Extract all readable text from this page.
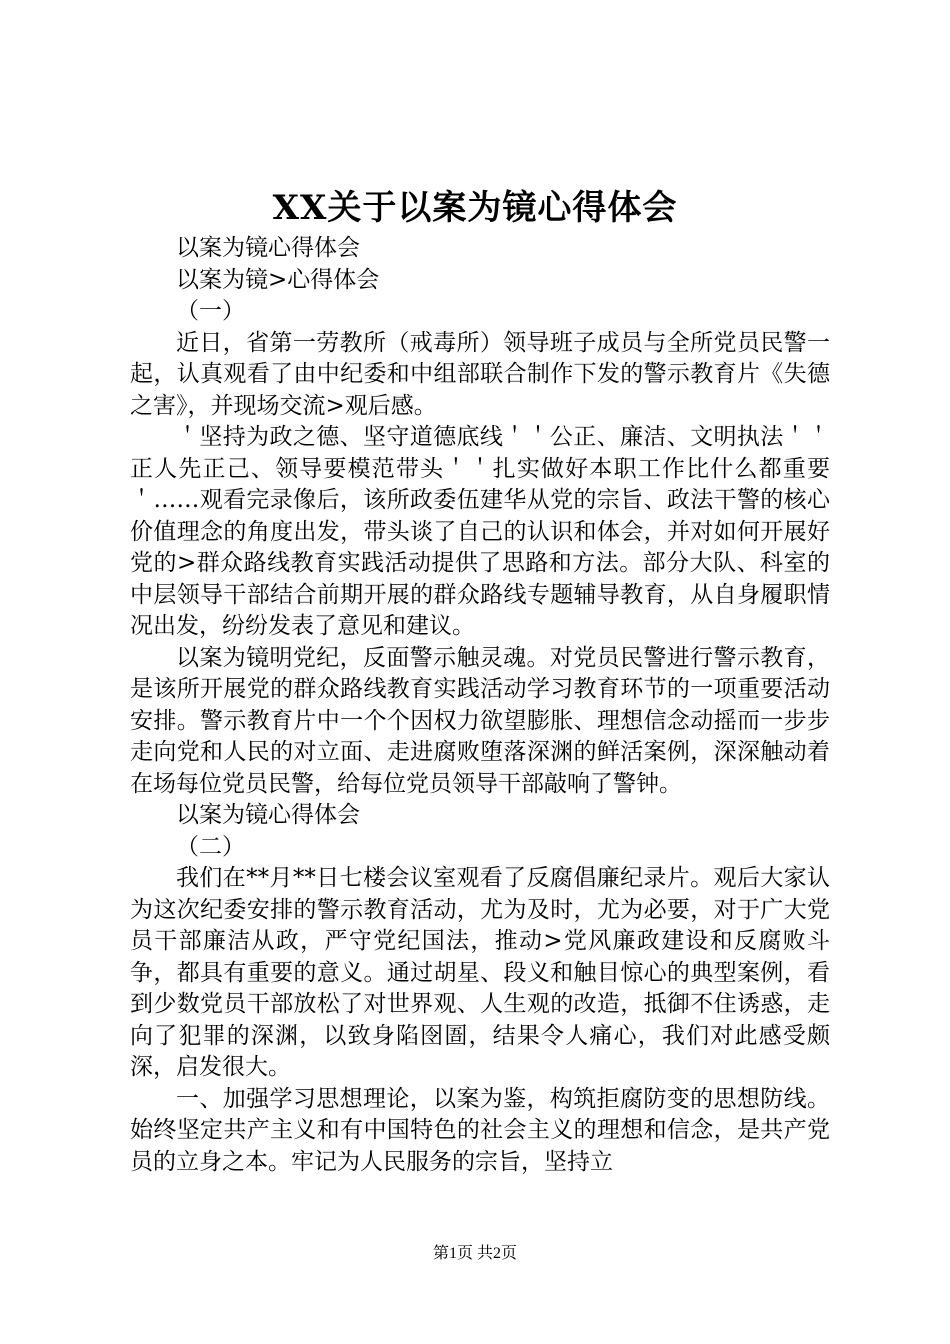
XX关于以案为镜心得体会

以案为镜心得体会

以案为镜>心得体会

（一）

近日，省第一劳教所（戒毒所）领导班子成员与全所党员民警一起，认真观看了由中纪委和中组部联合制作下发的警示教育片《失德之害》，并现场交流>观后感。

＇坚持为政之德、坚守道德底线＇＇公正、廉洁、文明执法＇＇正人先正己、领导要模范带头＇＇扎实做好本职工作比什么都重要＇……观看完录像后，该所政委伍建华从党的宗旨、政法干警的核心价值理念的角度出发，带头谈了自己的认识和体会，并对如何开展好党的>群众路线教育实践活动提供了思路和方法。部分大队、科室的中层领导干部结合前期开展的群众路线专题辅导教育，从自身履职情况出发，纷纷发表了意见和建议。

以案为镜明党纪，反面警示触灵魂。对党员民警进行警示教育，是该所开展党的群众路线教育实践活动学习教育环节的一项重要活动安排。警示教育片中一个个因权力欲望膨胀、理想信念动摇而一步步走向党和人民的对立面、走进腐败堕落深渊的鲜活案例，深深触动着在场每位党员民警，给每位党员领导干部敲响了警钟。

以案为镜心得体会

（二）

我们在**月**日七楼会议室观看了反腐倡廉纪录片。观后大家认为这次纪委安排的警示教育活动，尤为及时，尤为必要，对于广大党员干部廉洁从政，严守党纪国法，推动>党风廉政建设和反腐败斗争，都具有重要的意义。通过胡星、段义和触目惊心的典型案例，看到少数党员干部放松了对世界观、人生观的改造，抵御不住诱惑，走向了犯罪的深渊，以致身陷囹圄，结果令人痛心，我们对此感受颇深，启发很大。

一、加强学习思想理论，以案为鉴，构筑拒腐防变的思想防线。始终坚定共产主义和有中国特色的社会主义的理想和信念，是共产党员的立身之本。牢记为人民服务的宗旨，坚持立

第1页 共2页
